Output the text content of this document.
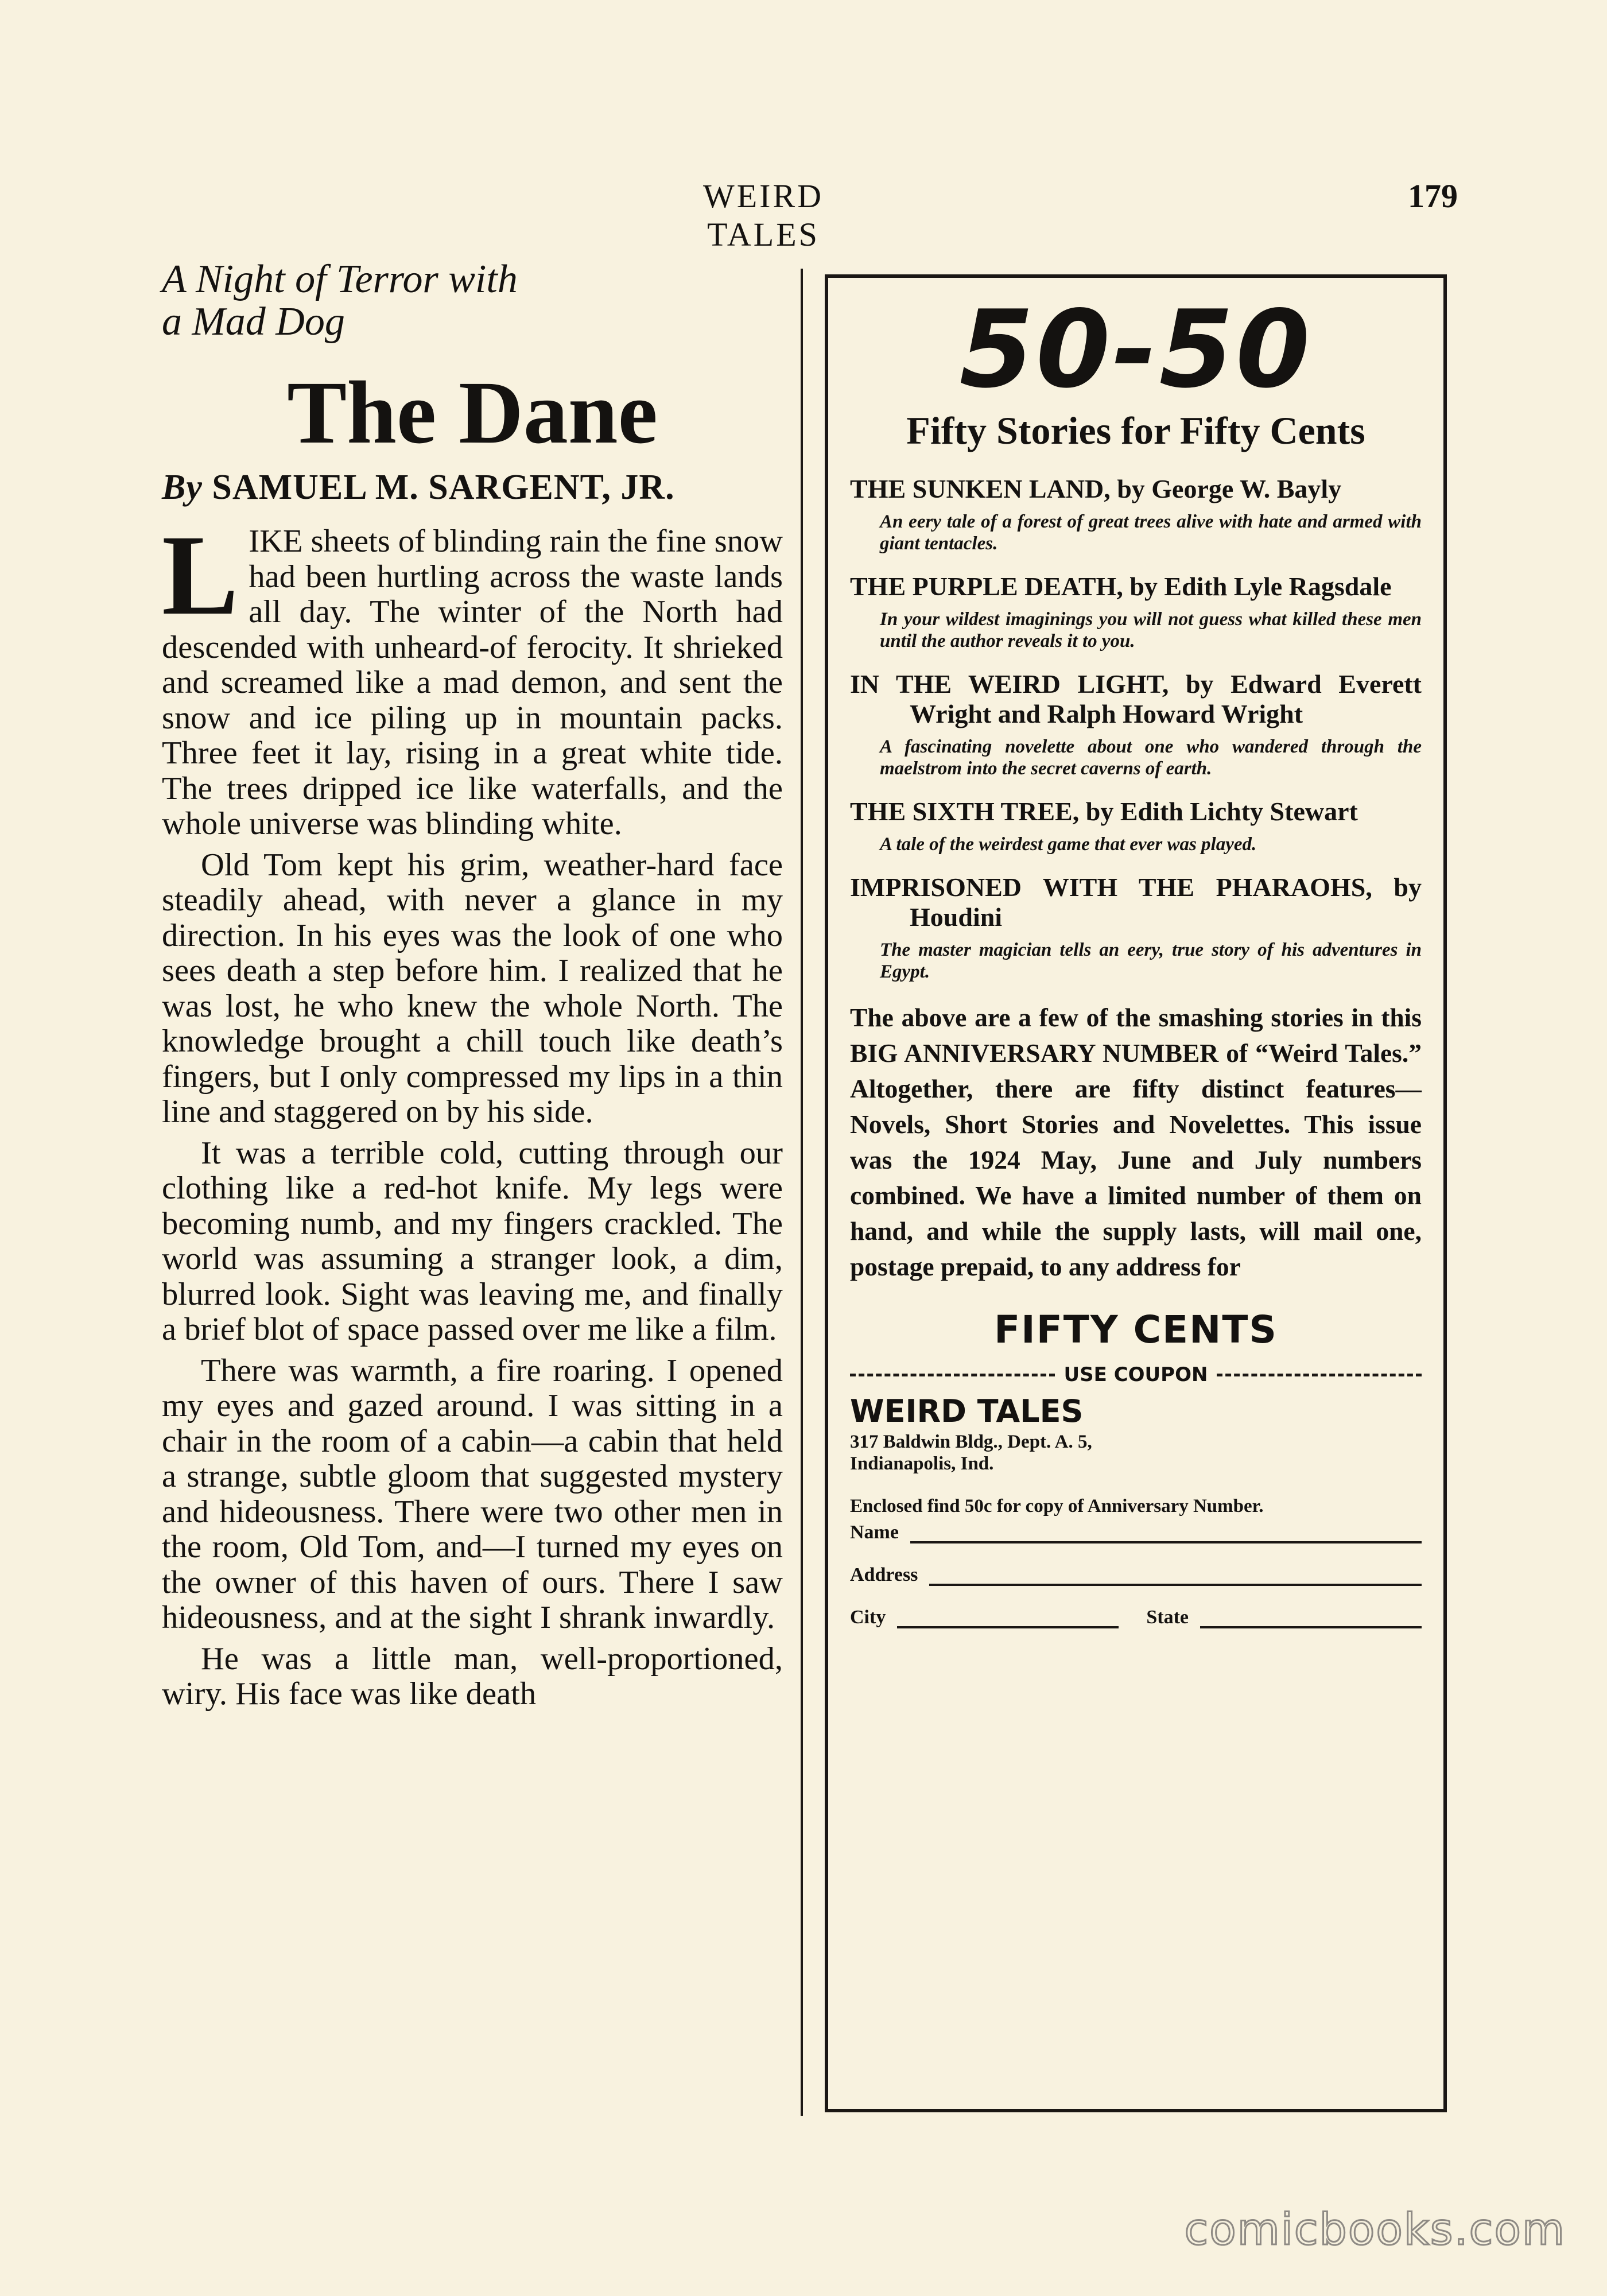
WEIRD TALES
179

A Night of Terror with

a Mad Dog

The Dane
By SAMUEL M. SARGENT, JR.

LIKE sheets of blinding rain the fine snow had been hurtling across the waste lands all day. The winter of the North had descended with unheard-of ferocity. It shrieked and screamed like a mad demon, and sent the snow and ice piling up in mountain packs. Three feet it lay, rising in a great white tide. The trees dripped ice like waterfalls, and the whole universe was blinding white.

Old Tom kept his grim, weather-hard face steadily ahead, with never a glance in my direction. In his eyes was the look of one who sees death a step before him. I realized that he was lost, he who knew the whole North. The knowledge brought a chill touch like death’s fingers, but I only compressed my lips in a thin line and staggered on by his side.

It was a terrible cold, cutting through our clothing like a red-hot knife. My legs were becoming numb, and my fingers crackled. The world was assuming a stranger look, a dim, blurred look. Sight was leaving me, and finally a brief blot of space passed over me like a film.

There was warmth, a fire roaring. I opened my eyes and gazed around. I was sitting in a chair in the room of a cabin—a cabin that held a strange, subtle gloom that suggested mystery and hideousness. There were two other men in the room, Old Tom, and—I turned my eyes on the owner of this haven of ours. There I saw hideousness, and at the sight I shrank inwardly.

He was a little man, well-proportioned, wiry. His face was like death

50-50
Fifty Stories for Fifty Cents
THE SUNKEN LAND, by George W. Bayly
An eery tale of a forest of great trees alive with hate and armed with giant tentacles.
THE PURPLE DEATH, by Edith Lyle Ragsdale
In your wildest imaginings you will not guess what killed these men until the author reveals it to you.
IN THE WEIRD LIGHT, by Edward Everett Wright and Ralph Howard Wright
A fascinating novelette about one who wandered through the maelstrom into the secret caverns of earth.
THE SIXTH TREE, by Edith Lichty Stewart
A tale of the weirdest game that ever was played.
IMPRISONED WITH THE PHARAOHS, by Houdini
The master magician tells an eery, true story of his adventures in Egypt.

The above are a few of the smashing stories in this BIG ANNIVERSARY NUMBER of “Weird Tales.” Altogether, there are fifty distinct features—Novels, Short Stories and Novelettes. This issue was the 1924 May, June and July numbers combined. We have a limited number of them on hand, and while the supply lasts, will mail one, postage prepaid, to any address for

FIFTY CENTS
USE COUPON
WEIRD TALES

317 Baldwin Bldg., Dept. A. 5,

Indianapolis, Ind.

Enclosed find 50c for copy of Anniversary Number.

Name
Address
City	State
comicbooks.com
